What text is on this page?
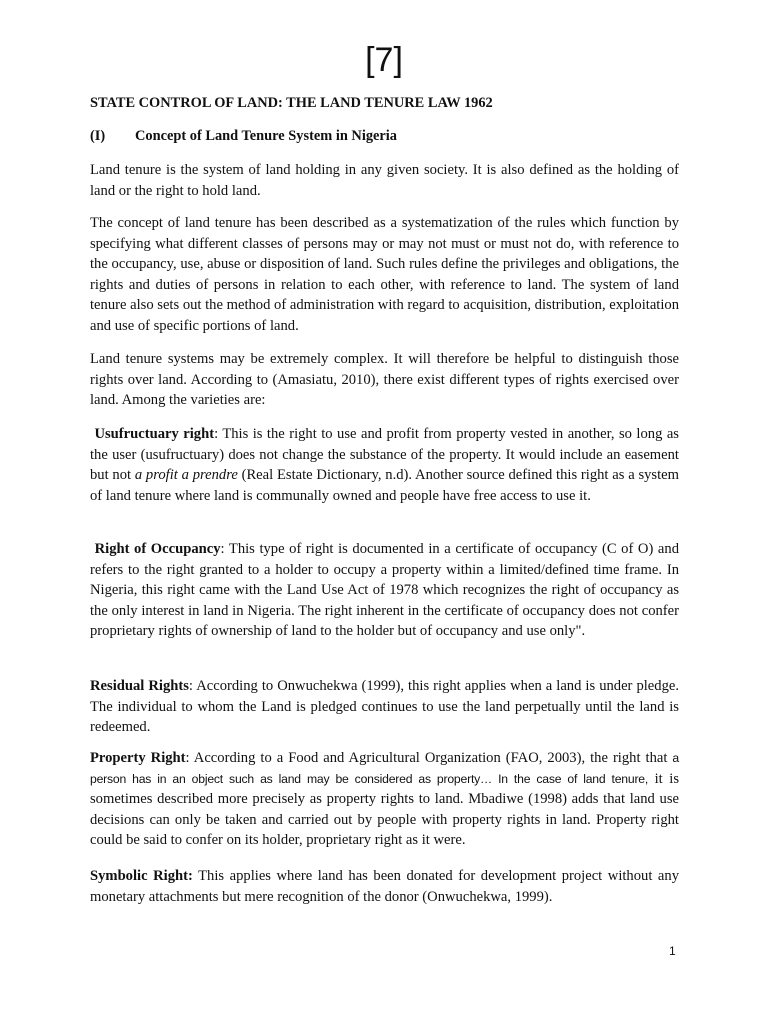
[7]
STATE CONTROL OF LAND: THE LAND TENURE LAW 1962
(I) Concept of Land Tenure System in Nigeria

Land tenure is the system of land holding in any given society. It is also defined as the holding of land or the right to hold land.

The concept of land tenure has been described as a systematization of the rules which function by specifying what different classes of persons may or may not must or must not do, with reference to the occupancy, use, abuse or disposition of land. Such rules define the privileges and obligations, the rights and duties of persons in relation to each other, with reference to land. The system of land tenure also sets out the method of administration with regard to acquisition, distribution, exploitation and use of specific portions of land.

Land tenure systems may be extremely complex. It will therefore be helpful to distinguish those rights over land. According to (Amasiatu, 2010), there exist different types of rights exercised over land. Among the varieties are:

Usufructuary right: This is the right to use and profit from property vested in another, so long as the user (usufructuary) does not change the substance of the property. It would include an easement but not a profit a prendre (Real Estate Dictionary, n.d). Another source defined this right as a system of land tenure where land is communally owned and people have free access to use it.

Right of Occupancy: This type of right is documented in a certificate of occupancy (C of O) and refers to the right granted to a holder to occupy a property within a limited/defined time frame. In Nigeria, this right came with the Land Use Act of 1978 which recognizes the right of occupancy as the only interest in land in Nigeria. The right inherent in the certificate of occupancy does not confer proprietary rights of ownership of land to the holder but of occupancy and use only".

Residual Rights: According to Onwuchekwa (1999), this right applies when a land is under pledge. The individual to whom the Land is pledged continues to use the land perpetually until the land is redeemed.

Property Right: According to a Food and Agricultural Organization (FAO, 2003), the right that a person has in an object such as land may be considered as property… In the case of land tenure, it is sometimes described more precisely as property rights to land. Mbadiwe (1998) adds that land use decisions can only be taken and carried out by people with property rights in land. Property right could be said to confer on its holder, proprietary right as it were.

Symbolic Right: This applies where land has been donated for development project without any monetary attachments but mere recognition of the donor (Onwuchekwa, 1999).

1
